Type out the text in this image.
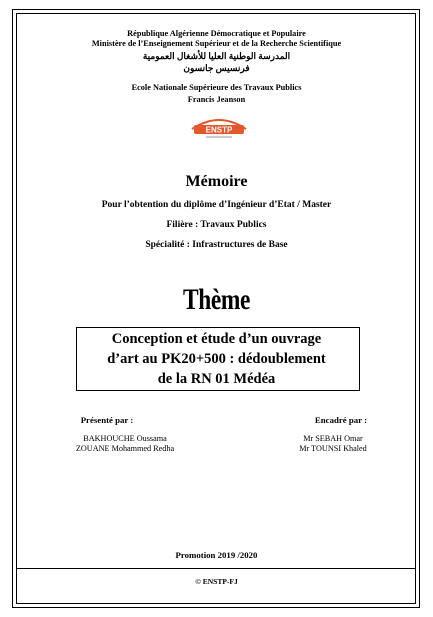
République Algérienne Démocratique et Populaire
Ministère de l’Enseignement Supérieur et de la Recherche Scientifique
المدرسة الوطنية العليا للأشغال العمومية
فرنسيس جانسون
Ecole Nationale Supérieure des Travaux Publics
Francis Jeanson
ENSTP
Mémoire
Pour l’obtention du diplôme d’Ingénieur d’Etat / Master
Filière : Travaux Publics
Spécialité : Infrastructures de Base
Thème
Conception et étude d’un ouvrage
d’art au PK20+500 : dédoublement
de la RN 01 Médéa
Présenté par :
BAKHOUCHE Oussama
ZOUANE Mohammed Redha
Encadré par :
Mr SEBAH Omar
Mr TOUNSI Khaled
Promotion 2019 /2020
© ENSTP-FJ
